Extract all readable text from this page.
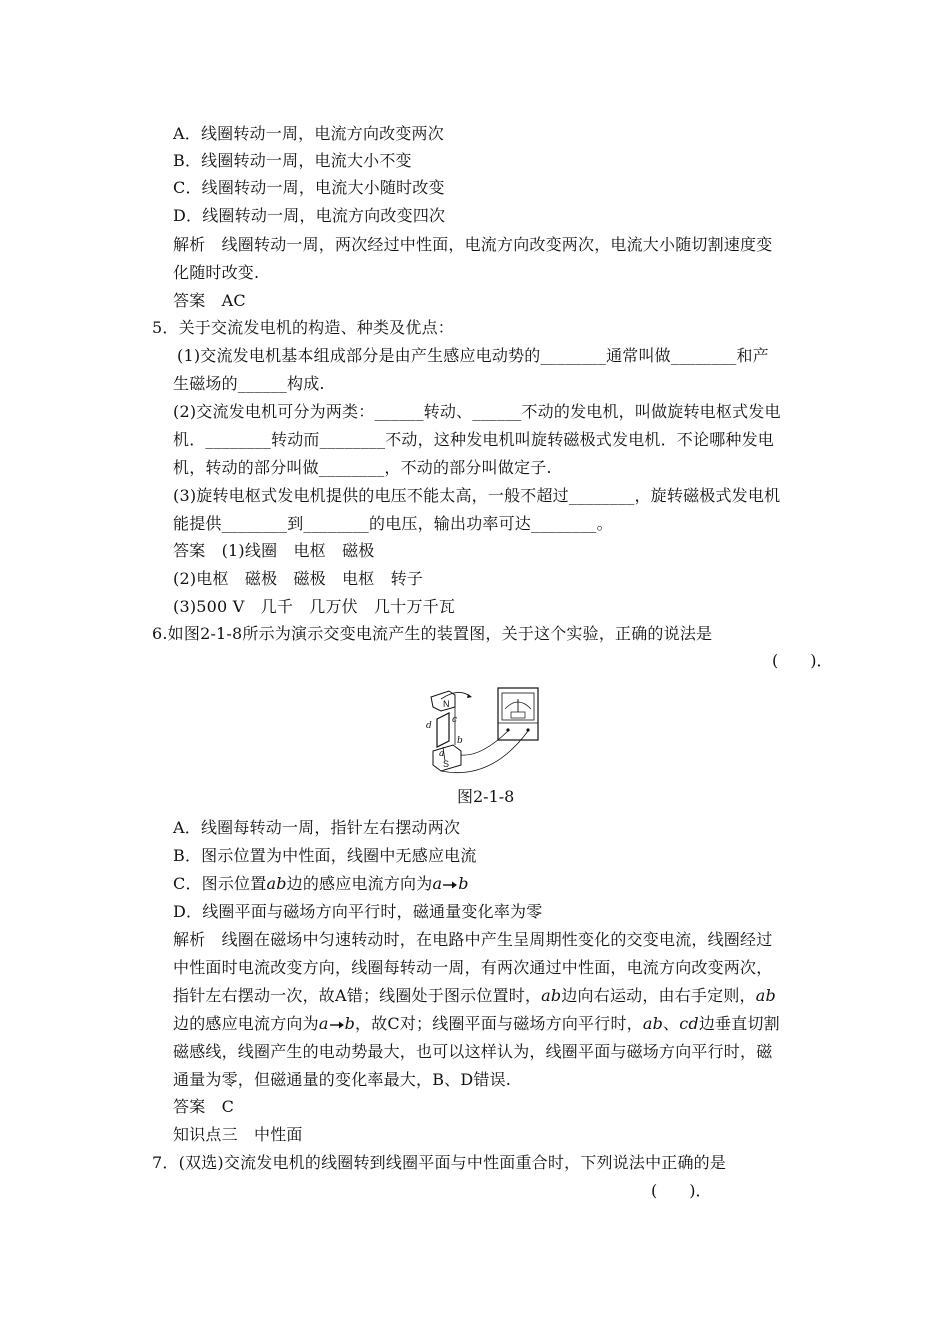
A．线圈转动一周，电流方向改变两次
B．线圈转动一周，电流大小不变
C．线圈转动一周，电流大小随时改变
D．线圈转动一周，电流方向改变四次
解析　线圈转动一周，两次经过中性面，电流方向改变两次，电流大小随切割速度变
化随时改变.
答案　AC
5．关于交流发电机的构造、种类及优点：
(1)交流发电机基本组成部分是由产生感应电动势的________通常叫做________和产
生磁场的______构成.
(2)交流发电机可分为两类：______转动、______不动的发电机，叫做旋转电枢式发电
机．________转动而________不动，这种发电机叫旋转磁极式发电机．不论哪种发电
机，转动的部分叫做________，不动的部分叫做定子.
(3)旋转电枢式发电机提供的电压不能太高，一般不超过________，旋转磁极式发电机
能提供________到________的电压，输出功率可达________。
答案　(1)线圈　电枢　磁极
(2)电枢　磁极　磁极　电枢　转子
(3)500 V　几千　几万伏　几十万千瓦
6.如图2-1-8所示为演示交变电流产生的装置图，关于这个实验，正确的说法是
(　　)．
N
S
d
c
b
a
图2-1-8
A．线圈每转动一周，指针左右摆动两次
B．图示位置为中性面，线圈中无感应电流
C．图示位置ab边的感应电流方向为a b
D．线圈平面与磁场方向平行时，磁通量变化率为零
解析　线圈在磁场中匀速转动时，在电路中产生呈周期性变化的交变电流，线圈经过
中性面时电流改变方向，线圈每转动一周，有两次通过中性面，电流方向改变两次，
指针左右摆动一次，故A错；线圈处于图示位置时，ab边向右运动，由右手定则，ab
边的感应电流方向为a b，故C对；线圈平面与磁场方向平行时，ab、cd边垂直切割
磁感线，线圈产生的电动势最大，也可以这样认为，线圈平面与磁场方向平行时，磁
通量为零，但磁通量的变化率最大，B、D错误.
答案　C
知识点三　中性面
7．(双选)交流发电机的线圈转到线圈平面与中性面重合时，下列说法中正确的是
(　　)．
